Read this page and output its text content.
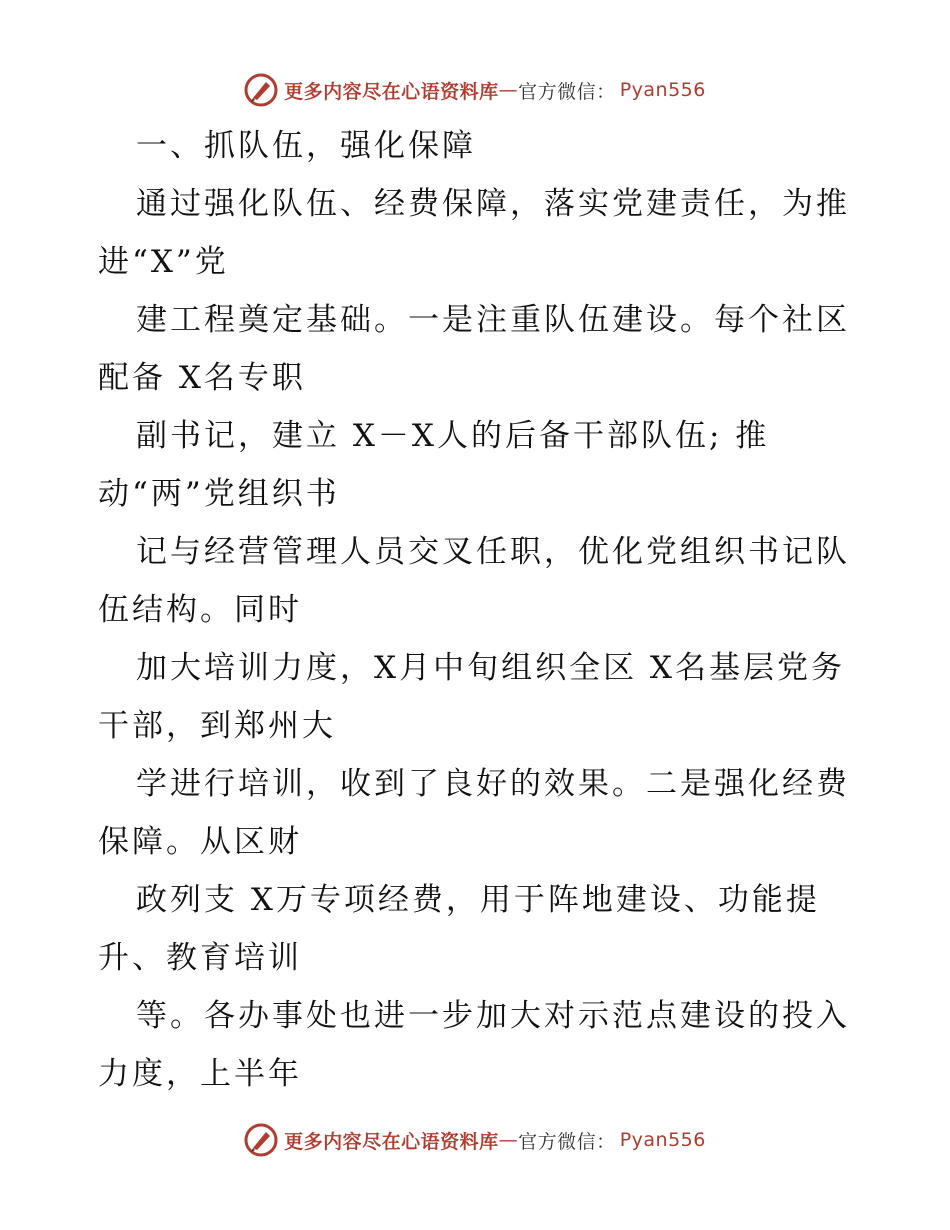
更多内容尽在心语资料库 — 官方微信： Pyan556
一、抓队伍，强化保障
通过强化队伍、经费保障，落实党建责任，为推
进“X”党
建工程奠定基础。一是注重队伍建设。每个社区
配备 X名专职
副书记，建立 X－X人的后备干部队伍; 推
动“两”党组织书
记与经营管理人员交叉任职，优化党组织书记队
伍结构。同时
加大培训力度，X月中旬组织全区 X名基层党务
干部，到郑州大
学进行培训，收到了良好的效果。二是强化经费
保障。从区财
政列支 X万专项经费，用于阵地建设、功能提
升、教育培训
等。各办事处也进一步加大对示范点建设的投入
力度，上半年
更多内容尽在心语资料库 — 官方微信： Pyan556
